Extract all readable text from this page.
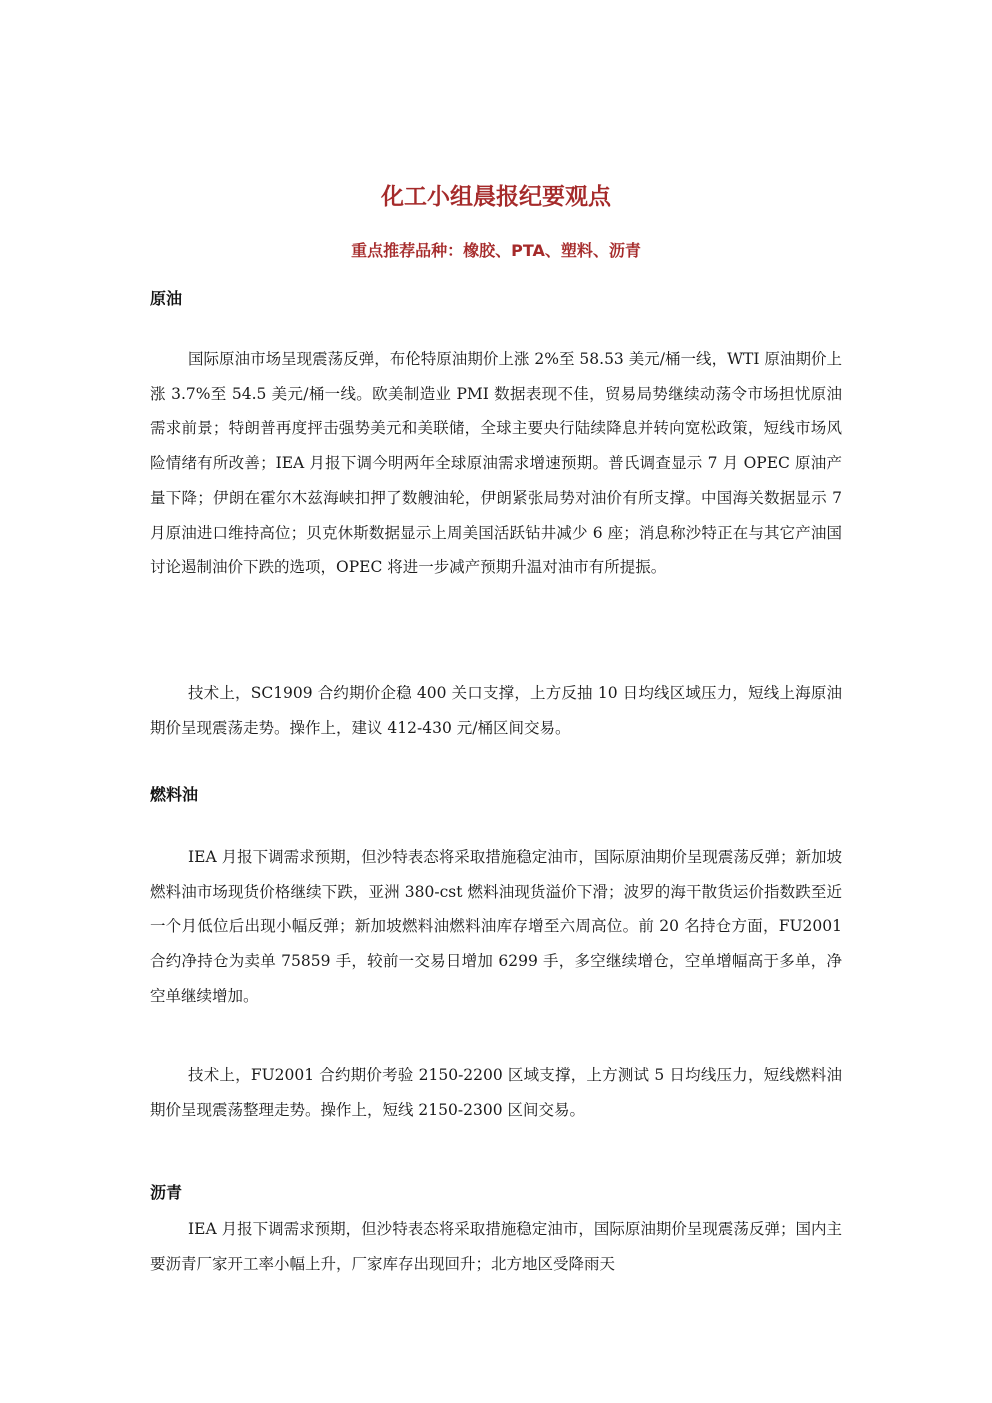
化工小组晨报纪要观点
重点推荐品种：橡胶、PTA、塑料、沥青
原油
国际原油市场呈现震荡反弹，布伦特原油期价上涨 2%至 58.53 美元/桶一线，WTI 原油期价上涨 3.7%至 54.5 美元/桶一线。欧美制造业 PMI 数据表现不佳，贸易局势继续动荡令市场担忧原油需求前景；特朗普再度抨击强势美元和美联储，全球主要央行陆续降息并转向宽松政策，短线市场风险情绪有所改善；IEA 月报下调今明两年全球原油需求增速预期。普氏调查显示 7 月 OPEC 原油产量下降；伊朗在霍尔木兹海峡扣押了数艘油轮，伊朗紧张局势对油价有所支撑。中国海关数据显示 7 月原油进口维持高位；贝克休斯数据显示上周美国活跃钻井减少 6 座；消息称沙特正在与其它产油国讨论遏制油价下跌的选项，OPEC 将进一步减产预期升温对油市有所提振。
技术上，SC1909 合约期价企稳 400 关口支撑，上方反抽 10 日均线区域压力，短线上海原油期价呈现震荡走势。操作上，建议 412-430 元/桶区间交易。
燃料油
IEA 月报下调需求预期，但沙特表态将采取措施稳定油市，国际原油期价呈现震荡反弹；新加坡燃料油市场现货价格继续下跌，亚洲 380-cst 燃料油现货溢价下滑；波罗的海干散货运价指数跌至近一个月低位后出现小幅反弹；新加坡燃料油燃料油库存增至六周高位。前 20 名持仓方面，FU2001 合约净持仓为卖单 75859 手，较前一交易日增加 6299 手，多空继续增仓，空单增幅高于多单，净空单继续增加。
技术上，FU2001 合约期价考验 2150-2200 区域支撑，上方测试 5 日均线压力，短线燃料油期价呈现震荡整理走势。操作上，短线 2150-2300 区间交易。
沥青
IEA 月报下调需求预期，但沙特表态将采取措施稳定油市，国际原油期价呈现震荡反弹；国内主要沥青厂家开工率小幅上升，厂家库存出现回升；北方地区受降雨天
